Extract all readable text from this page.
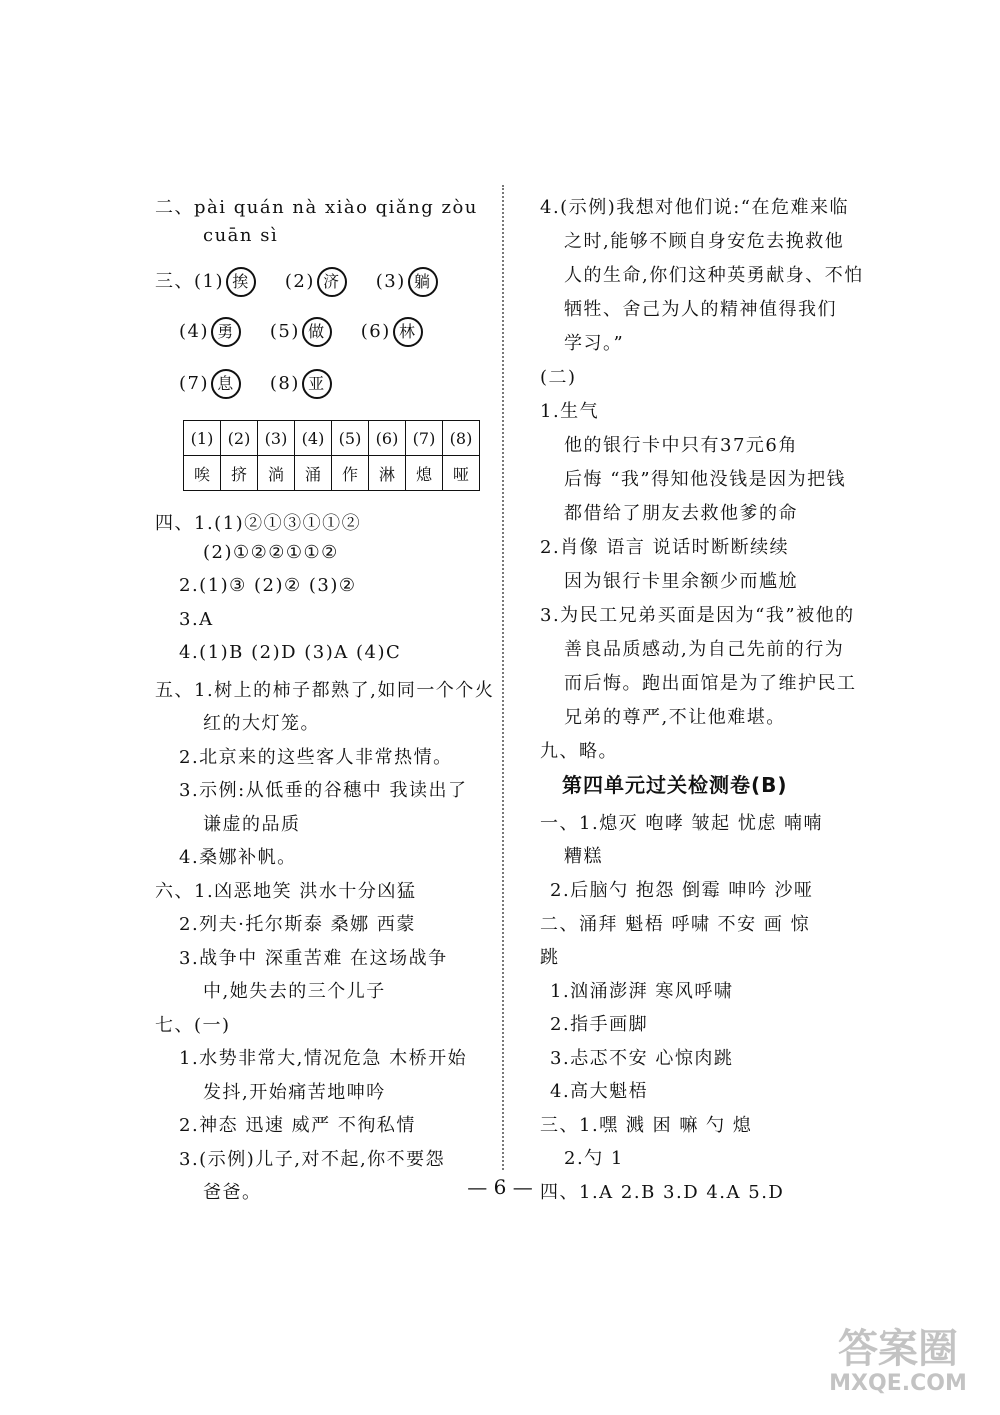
二、pài quán nà xiào qiǎng zòu
cuān sì
三、(1) 挨 (2) 济 (3) 躺
(4) 勇 (5) 做 (6) 林
(7) 息 (8) 亚
(1)	(2)	(3)	(4)	(5)	(6)	(7)	(8)
唉	挤	淌	涌	作	淋	熄	哑
四、1.(1)②①③①①②
(2)①②②①①②
2.(1)③ (2)② (3)②
3.A
4.(1)B (2)D (3)A (4)C
五、1.树上的柿子都熟了,如同一个个火
红的大灯笼。
2.北京来的这些客人非常热情。
3.示例:从低垂的谷穗中 我读出了
谦虚的品质
4.桑娜补帆。
六、1.凶恶地笑 洪水十分凶猛
2.列夫·托尔斯泰 桑娜 西蒙
3.战争中 深重苦难 在这场战争
中,她失去的三个儿子
七、(一)
1.水势非常大,情况危急 木桥开始
发抖,开始痛苦地呻吟
2.神态 迅速 威严 不徇私情
3.(示例)儿子,对不起,你不要怨
爸爸。
4.(示例)我想对他们说:“在危难来临
之时,能够不顾自身安危去挽救他
人的生命,你们这种英勇献身、不怕
牺牲、舍己为人的精神值得我们
学习。”
(二)
1.生气
他的银行卡中只有37元6角
后悔 “我”得知他没钱是因为把钱
都借给了朋友去救他爹的命
2.肖像 语言 说话时断断续续
因为银行卡里余额少而尴尬
3.为民工兄弟买面是因为“我”被他的
善良品质感动,为自己先前的行为
而后悔。跑出面馆是为了维护民工
兄弟的尊严,不让他难堪。
九、略。
第四单元过关检测卷(B)
一、1.熄灭 咆哮 皱起 忧虑 喃喃
糟糕
2.后脑勺 抱怨 倒霉 呻吟 沙哑
二、涌拜 魁梧 呼啸 不安 画 惊
跳
1.汹涌澎湃 寒风呼啸
2.指手画脚
3.忐忑不安 心惊肉跳
4.高大魁梧
三、1.嘿 溅 困 嘛 勺 熄
2.勺 1
四、1.A 2.B 3.D 4.A 5.D
— 6 —
答案圈
MXQE.COM
